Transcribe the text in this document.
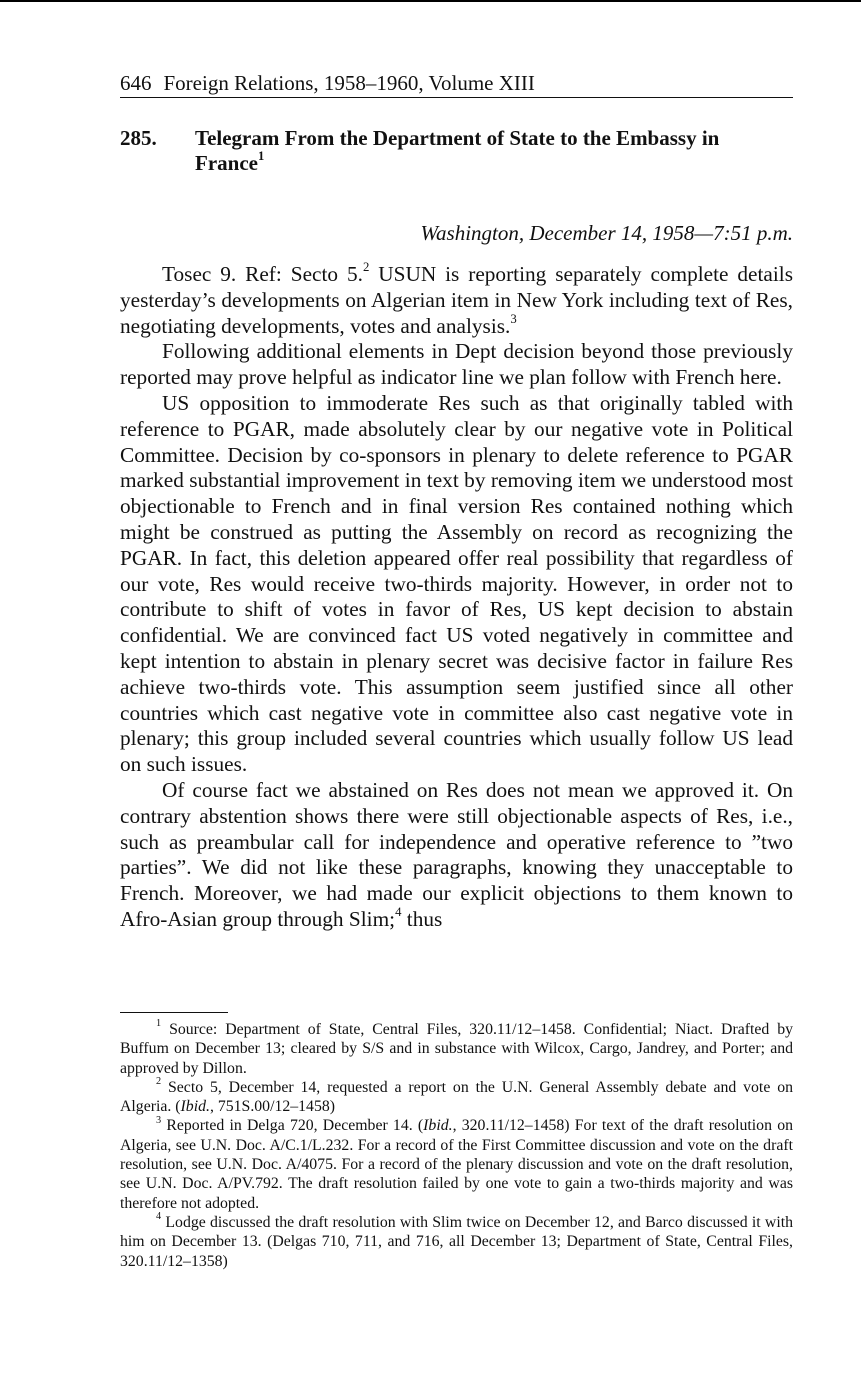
646 Foreign Relations, 1958–1960, Volume XIII
285. Telegram From the Department of State to the Embassy in France$^1$
Washington, December 14, 1958—7:51 p.m.

Tosec 9. Ref: Secto 5.$^2$ USUN is reporting separately complete details yesterday’s developments on Algerian item in New York including text of Res, negotiating developments, votes and analysis.$^3$

Following additional elements in Dept decision beyond those previously reported may prove helpful as indicator line we plan follow with French here.

US opposition to immoderate Res such as that originally tabled with reference to PGAR, made absolutely clear by our negative vote in Political Committee. Decision by co-sponsors in plenary to delete reference to PGAR marked substantial improvement in text by removing item we understood most objectionable to French and in final version Res contained nothing which might be construed as putting the Assembly on record as recognizing the PGAR. In fact, this deletion appeared offer real possibility that regardless of our vote, Res would receive two-thirds majority. However, in order not to contribute to shift of votes in favor of Res, US kept decision to abstain confidential. We are convinced fact US voted negatively in committee and kept intention to abstain in plenary secret was decisive factor in failure Res achieve two-thirds vote. This assumption seem justified since all other countries which cast negative vote in committee also cast negative vote in plenary; this group included several countries which usually follow US lead on such issues.

Of course fact we abstained on Res does not mean we approved it. On contrary abstention shows there were still objectionable aspects of Res, i.e., such as preambular call for independence and operative reference to ”two parties”. We did not like these paragraphs, knowing they unacceptable to French. Moreover, we had made our explicit objections to them known to Afro-Asian group through Slim;$^4$ thus

$^1$ Source: Department of State, Central Files, 320.11/12–1458. Confidential; Niact. Drafted by Buffum on December 13; cleared by S/S and in substance with Wilcox, Cargo, Jandrey, and Porter; and approved by Dillon.

$^2$ Secto 5, December 14, requested a report on the U.N. General Assembly debate and vote on Algeria. (Ibid., 751S.00/12–1458)

$^3$ Reported in Delga 720, December 14. (Ibid., 320.11/12–1458) For text of the draft resolution on Algeria, see U.N. Doc. A/C.1/L.232. For a record of the First Committee discussion and vote on the draft resolution, see U.N. Doc. A/4075. For a record of the plenary discussion and vote on the draft resolution, see U.N. Doc. A/PV.792. The draft resolution failed by one vote to gain a two-thirds majority and was therefore not adopted.

$^4$ Lodge discussed the draft resolution with Slim twice on December 12, and Barco discussed it with him on December 13. (Delgas 710, 711, and 716, all December 13; Department of State, Central Files, 320.11/12–1358)
